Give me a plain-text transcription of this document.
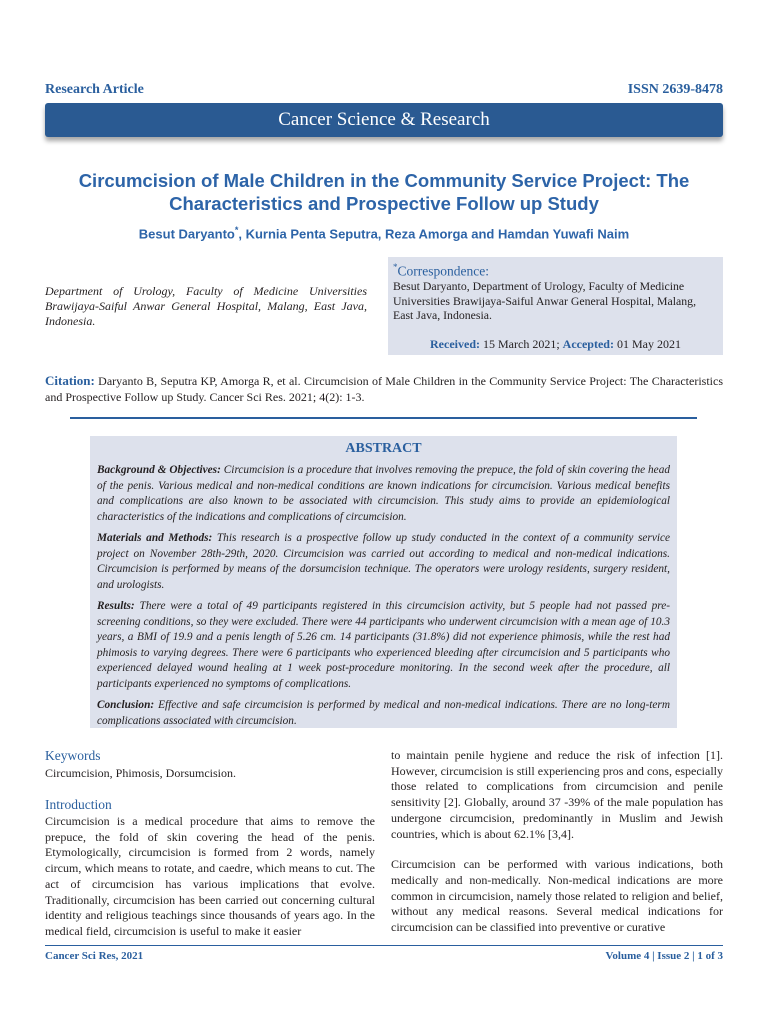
Research Article	ISSN 2639-8478
Cancer Science & Research
Circumcision of Male Children in the Community Service Project: The Characteristics and Prospective Follow up Study
Besut Daryanto*, Kurnia Penta Seputra, Reza Amorga and Hamdan Yuwafi Naim
Department of Urology, Faculty of Medicine Universities Brawijaya-Saiful Anwar General Hospital, Malang, East Java, Indonesia.
*Correspondence:
Besut Daryanto, Department of Urology, Faculty of Medicine Universities Brawijaya-Saiful Anwar General Hospital, Malang, East Java, Indonesia.
Received: 15 March 2021; Accepted: 01 May 2021
Citation: Daryanto B, Seputra KP, Amorga R, et al. Circumcision of Male Children in the Community Service Project: The Characteristics and Prospective Follow up Study. Cancer Sci Res. 2021; 4(2): 1-3.
ABSTRACT

Background & Objectives: Circumcision is a procedure that involves removing the prepuce, the fold of skin covering the head of the penis. Various medical and non-medical conditions are known indications for circumcision. Various medical benefits and complications are also known to be associated with circumcision. This study aims to provide an epidemiological characteristics of the indications and complications of circumcision.

Materials and Methods: This research is a prospective follow up study conducted in the context of a community service project on November 28th-29th, 2020. Circumcision was carried out according to medical and non-medical indications. Circumcision is performed by means of the dorsumcision technique. The operators were urology residents, surgery resident, and urologists.

Results: There were a total of 49 participants registered in this circumcision activity, but 5 people had not passed pre-screening conditions, so they were excluded. There were 44 participants who underwent circumcision with a mean age of 10.3 years, a BMI of 19.9 and a penis length of 5.26 cm. 14 participants (31.8%) did not experience phimosis, while the rest had phimosis to varying degrees. There were 6 participants who experienced bleeding after circumcision and 5 participants who experienced delayed wound healing at 1 week post-procedure monitoring. In the second week after the procedure, all participants experienced no symptoms of complications.

Conclusion: Effective and safe circumcision is performed by medical and non-medical indications. There are no long-term complications associated with circumcision.

Keywords
Circumcision, Phimosis, Dorsumcision.
Introduction

Circumcision is a medical procedure that aims to remove the prepuce, the fold of skin covering the head of the penis. Etymologically, circumcision is formed from 2 words, namely circum, which means to rotate, and caedre, which means to cut. The act of circumcision has various implications that evolve. Traditionally, circumcision has been carried out concerning cultural identity and religious teachings since thousands of years ago. In the medical field, circumcision is useful to make it easier

to maintain penile hygiene and reduce the risk of infection [1]. However, circumcision is still experiencing pros and cons, especially those related to complications from circumcision and penile sensitivity [2]. Globally, around 37 -39% of the male population has undergone circumcision, predominantly in Muslim and Jewish countries, which is about 62.1% [3,4].

Circumcision can be performed with various indications, both medically and non-medically. Non-medical indications are more common in circumcision, namely those related to religion and belief, without any medical reasons. Several medical indications for circumcision can be classified into preventive or curative

Cancer Sci Res, 2021	Volume 4 | Issue 2 | 1 of 3
